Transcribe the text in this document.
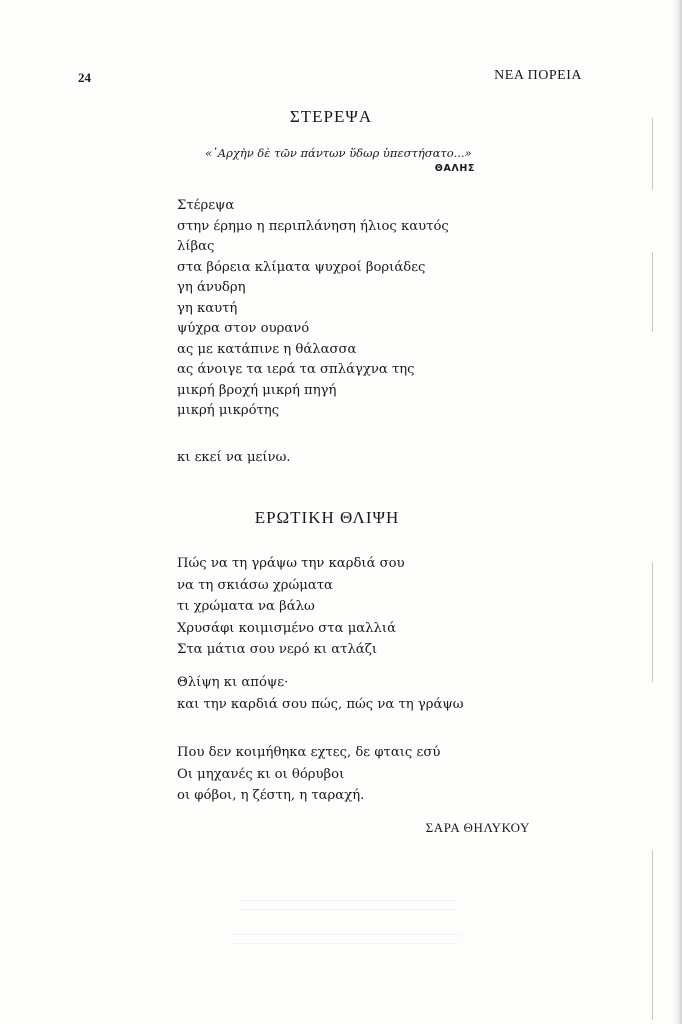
24	ΝΕΑ ΠΟΡΕΙΑ
ΣΤΕΡΕΨΑ
«᾽Αρχὴν δὲ τῶν πάντων ὕδωρ ὑπεστήσατο...»
ΘΑΛΗΣ
Στέρεψα
στην έρημο η περιπλάνηση ήλιος καυτός
λίβας
στα βόρεια κλίματα ψυχροί βοριάδες
γη άνυδρη
γη καυτή
ψύχρα στον ουρανό
ας με κατάπινε η θάλασσα
ας άνοιγε τα ιερά τα σπλάγχνα της
μικρή βροχή μικρή πηγή
μικρή μικρότης
κι εκεί να μείνω.
ΕΡΩΤΙΚΗ ΘΛΙΨΗ
Πώς να τη γράψω την καρδιά σου
να τη σκιάσω χρώματα
τι χρώματα να βάλω
Χρυσάφι κοιμισμένο στα μαλλιά
Στα μάτια σου νερό κι ατλάζι
Θλίψη κι απόψε·
και την καρδιά σου πώς, πώς να τη γράψω
Που δεν κοιμήθηκα εχτες, δε φταις εσύ
Οι μηχανές κι οι θόρυβοι
οι φόβοι, η ζέστη, η ταραχή.
ΣΑΡΑ ΘΗΛΥΚΟΥ
